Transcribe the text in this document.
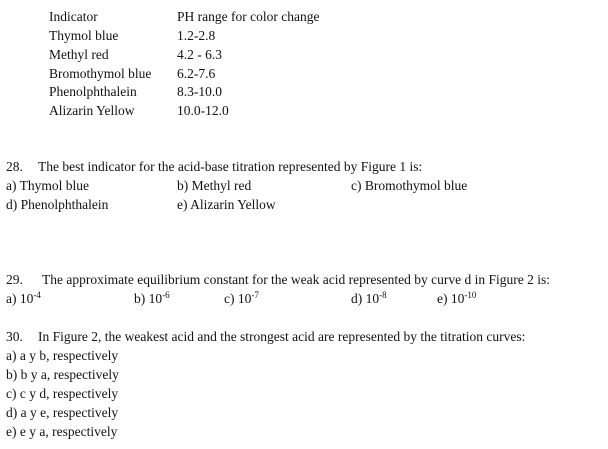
Indicator	PH range for color change
Thymol blue	1.2-2.8
Methyl red	4.2 - 6.3
Bromothymol blue 6.2-7.6
Phenolphthalein	8.3-10.0
Alizarin Yellow	10.0-12.0
28. The best indicator for the acid-base titration represented by Figure 1 is:
a) Thymol blue	b) Methyl red	c) Bromothymol blue
d) Phenolphthalein	e) Alizarin Yellow
29. The approximate equilibrium constant for the weak acid represented by curve d in Figure 2 is:
a) $10^{-4}$	b) $10^{-6}$	c) $10^{-7}$	d) $10^{-8}$	e) $10^{-10}$
30. In Figure 2, the weakest acid and the strongest acid are represented by the titration curves:
a) a y b, respectively
b) b y a, respectively
c) c y d, respectively
d) a y e, respectively
e) e y a, respectively
